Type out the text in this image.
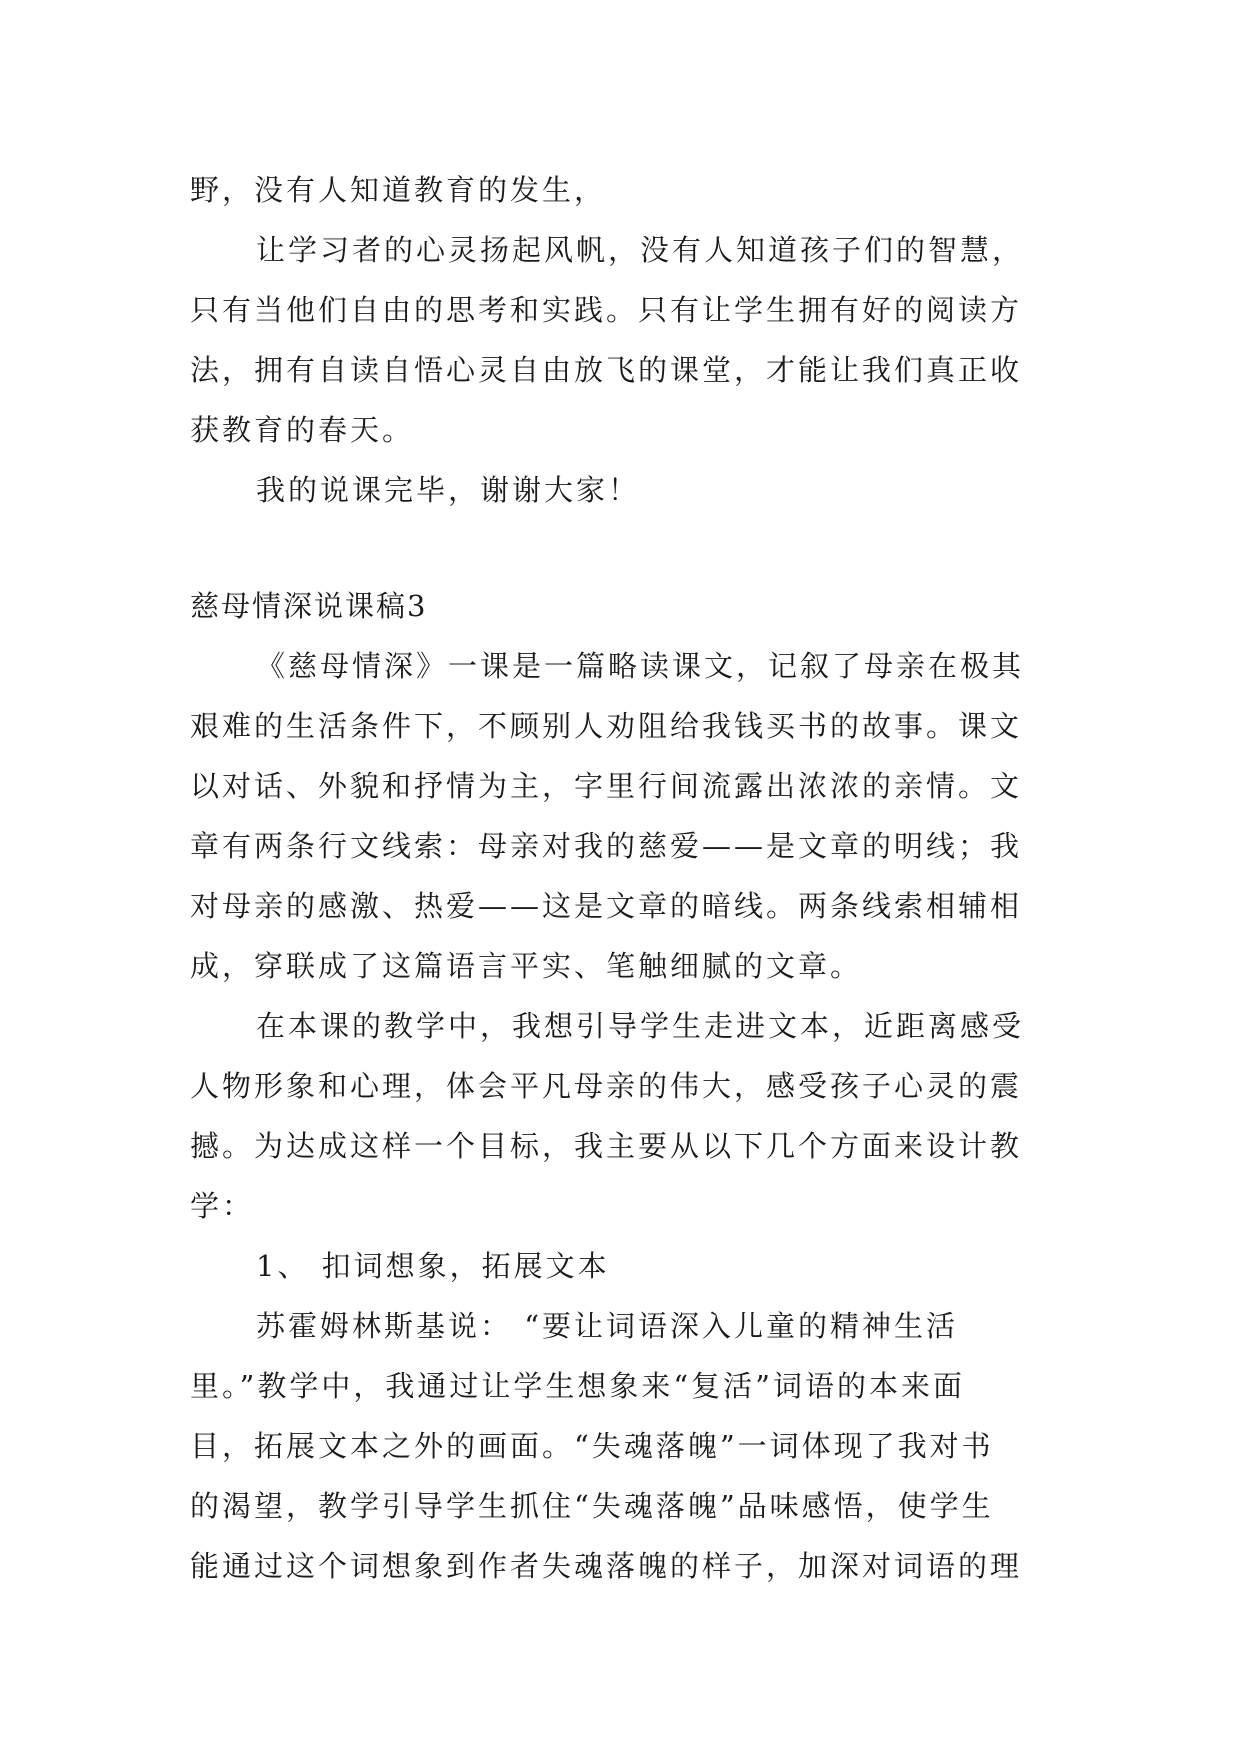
野，没有人知道教育的发生，
让学习者的心灵扬起风帆，没有人知道孩子们的智慧，
只有当他们自由的思考和实践。只有让学生拥有好的阅读方
法，拥有自读自悟心灵自由放飞的课堂，才能让我们真正收
获教育的春天。
我的说课完毕，谢谢大家！
慈母情深说课稿3
《慈母情深》一课是一篇略读课文，记叙了母亲在极其
艰难的生活条件下，不顾别人劝阻给我钱买书的故事。课文
以对话、外貌和抒情为主，字里行间流露出浓浓的亲情。文
章有两条行文线索：母亲对我的慈爱——是文章的明线；我
对母亲的感激、热爱——这是文章的暗线。两条线索相辅相
成，穿联成了这篇语言平实、笔触细腻的文章。
在本课的教学中，我想引导学生走进文本，近距离感受
人物形象和心理，体会平凡母亲的伟大，感受孩子心灵的震
撼。为达成这样一个目标，我主要从以下几个方面来设计教
学：
1、 扣词想象，拓展文本
苏霍姆林斯基说： “要让词语深入儿童的精神生活
里。”教学中，我通过让学生想象来“复活”词语的本来面
目，拓展文本之外的画面。“失魂落魄”一词体现了我对书
的渴望，教学引导学生抓住“失魂落魄”品味感悟，使学生
能通过这个词想象到作者失魂落魄的样子，加深对词语的理
